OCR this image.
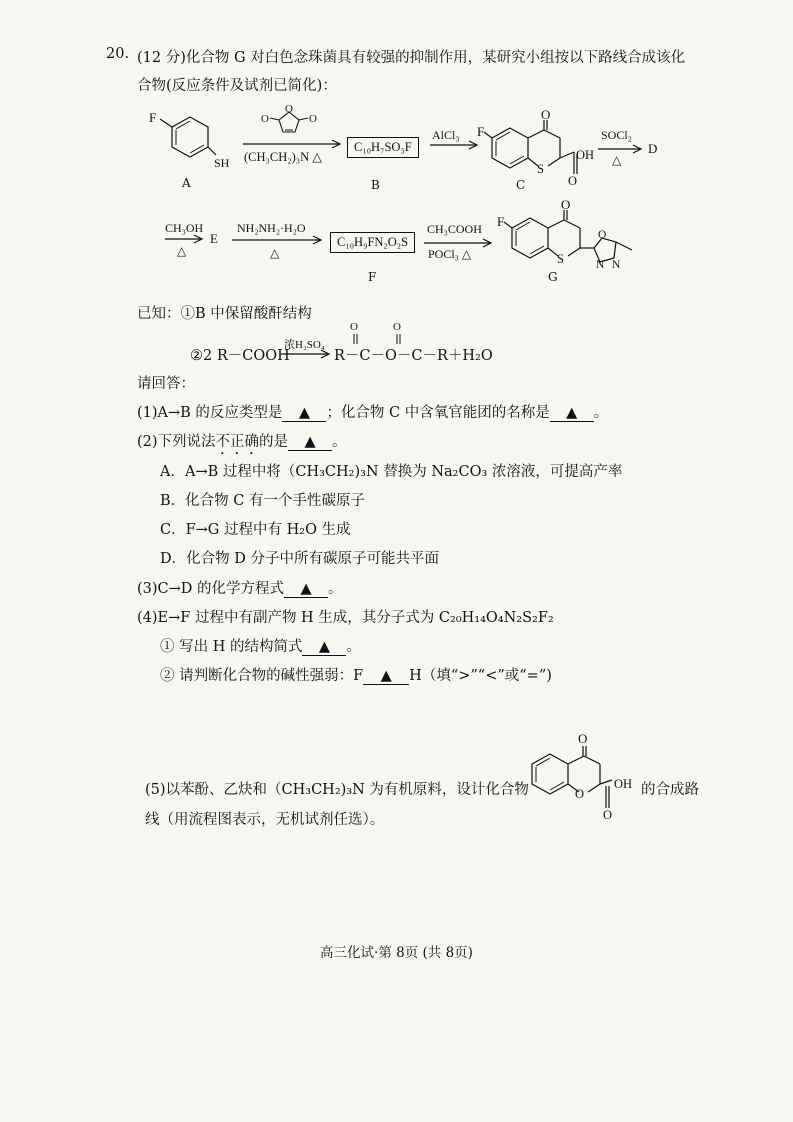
20. (12 分)化合物 G 对白色念珠菌具有较强的抑制作用，某研究小组按以下路线合成该化
合物(反应条件及试剂已简化)：
F
SH
A
O	O
O
(CH₃CH₂)₃N △
C₁₀H₇SO₃F
B
AlCl₃ F
O
S
OH
O
C
SOCl₂
△
D
CH₃OH
△
E
NH₂NH₂·H₂O
△
C₁₀H₉FN₂O₂S
F
CH₃COOH
POCl₃ △
F
O
S
O
N N
G
已知：①B 中保留酸酐结构
②2 R－COOH
浓H₂SO₄
R－C－O－C－R＋H₂O
O	O
请回答：
(1)A→B 的反应类型是 ▲ ；化合物 C 中含氧官能团的名称是 ▲ 。
(2)下列说法不正确的是 ▲ 。
A．A→B 过程中将（CH₃CH₂)₃N 替换为 Na₂CO₃ 浓溶液，可提高产率
B．化合物 C 有一个手性碳原子
C．F→G 过程中有 H₂O 生成
D．化合物 D 分子中所有碳原子可能共平面
(3)C→D 的化学方程式 ▲ 。
(4)E→F 过程中有副产物 H 生成，其分子式为 C₂₀H₁₄O₄N₂S₂F₂
① 写出 H 的结构简式 ▲ 。
② 请判断化合物的碱性强弱：F ▲ H（填“>”“<”或“=”)
(5)以苯酚、乙炔和（CH₃CH₂)₃N 为有机原料，设计化合物
O
O
OH
O
的合成路
线（用流程图表示，无机试剂任选）。
高三化试·第 8页 (共 8页)
